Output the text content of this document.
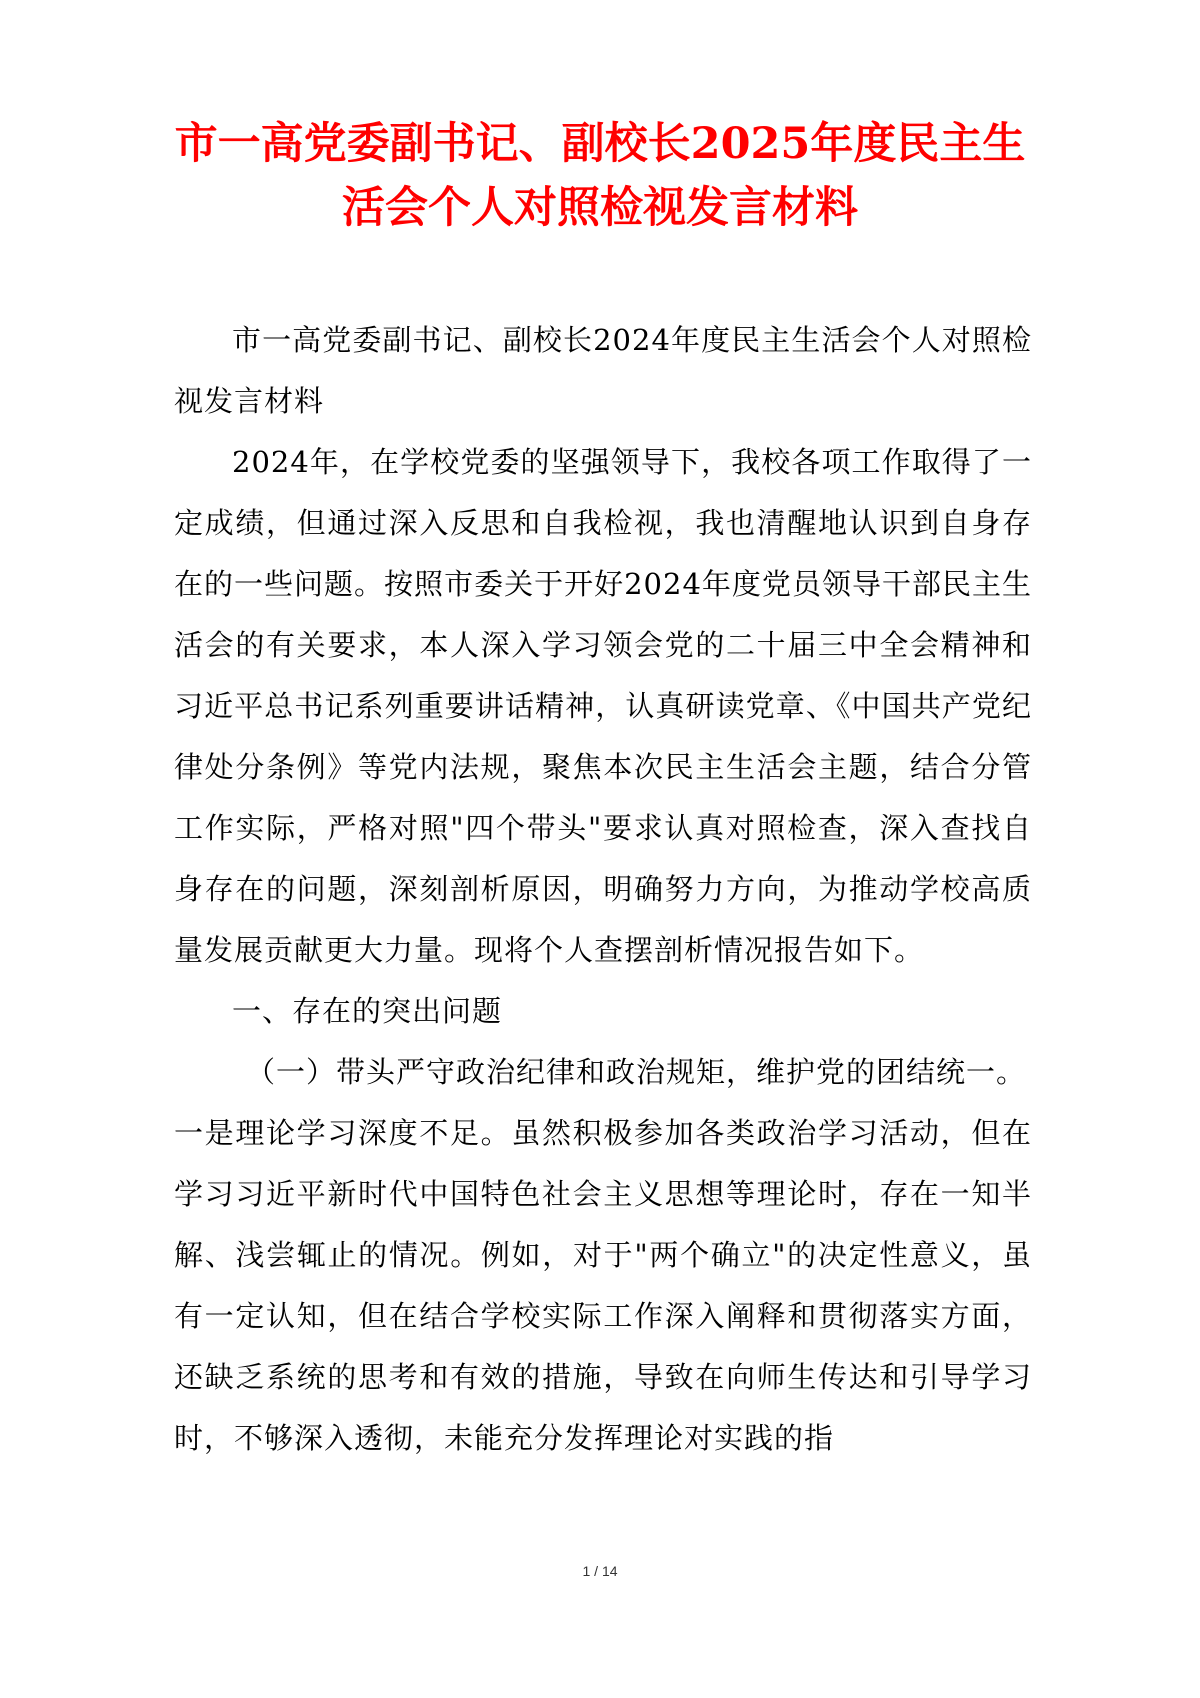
市一高党委副书记、副校长2025年度民主生
活会个人对照检视发言材料

市一高党委副书记、副校长2024年度民主生活会个人对照检视发言材料

2024年，在学校党委的坚强领导下，我校各项工作取得了一定成绩，但通过深入反思和自我检视，我也清醒地认识到自身存在的一些问题。按照市委关于开好2024年度党员领导干部民主生活会的有关要求，本人深入学习领会党的二十届三中全会精神和习近平总书记系列重要讲话精神，认真研读党章、《中国共产党纪律处分条例》等党内法规，聚焦本次民主生活会主题，结合分管工作实际，严格对照"四个带头"要求认真对照检查，深入查找自身存在的问题，深刻剖析原因，明确努力方向，为推动学校高质量发展贡献更大力量。现将个人查摆剖析情况报告如下。

一、存在的突出问题

（一）带头严守政治纪律和政治规矩，维护党的团结统一。

一是理论学习深度不足。虽然积极参加各类政治学习活动，但在学习习近平新时代中国特色社会主义思想等理论时，存在一知半解、浅尝辄止的情况。例如，对于"两个确立"的决定性意义，虽有一定认知，但在结合学校实际工作深入阐释和贯彻落实方面，还缺乏系统的思考和有效的措施，导致在向师生传达和引导学习时，不够深入透彻，未能充分发挥理论对实践的指

1 / 14
